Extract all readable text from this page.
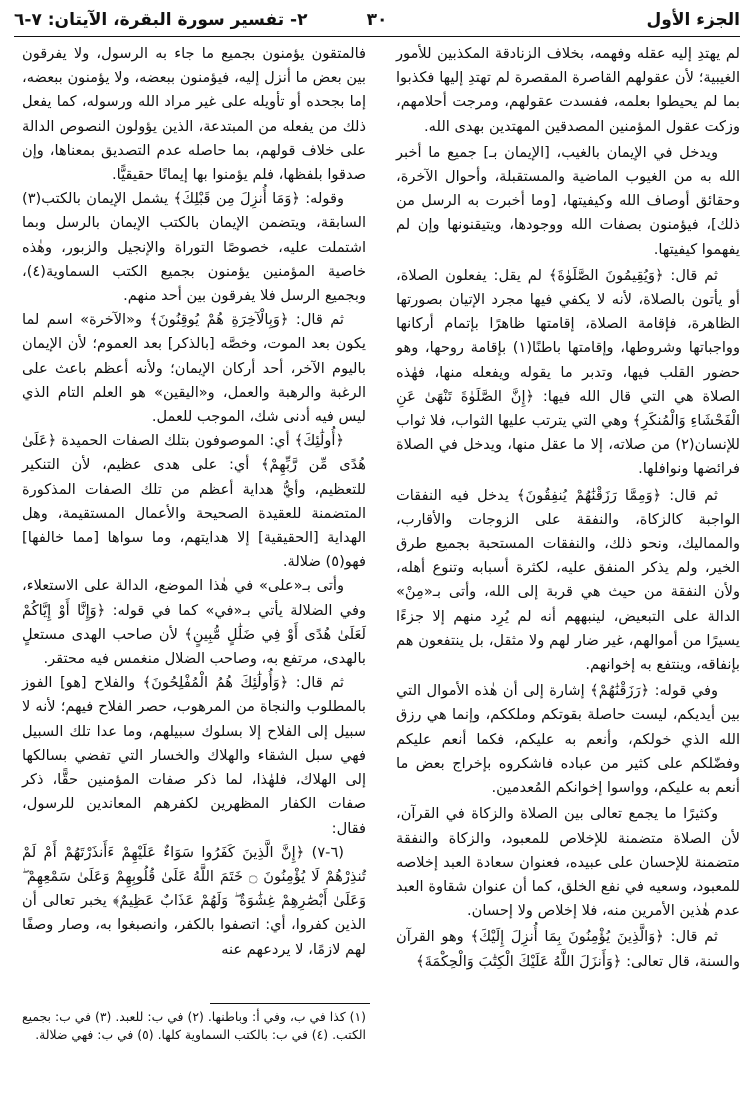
الجزء الأول
٣٠
٢- تفسير سورة البقرة، الآيتان: ٧-٦

لم يهتدِ إليه عقله وفهمه، بخلاف الزنادقة المكذبين للأمور الغيبية؛ لأن عقولهم القاصرة المقصرة لم تهتدِ إليها فكذبوا بما لم يحيطوا بعلمه، ففسدت عقولهم، ومرجت أحلامهم، وزكت عقول المؤمنين المصدقين المهتدين بهدى الله.

ويدخل في الإيمان بالغيب، [الإيمان بـ] جميع ما أخبر الله به من الغيوب الماضية والمستقبلة، وأحوال الآخرة، وحقائق أوصاف الله وكيفيتها، [وما أخبرت به الرسل من ذلك]، فيؤمنون بصفات الله ووجودها، ويتيقنونها وإن لم يفهموا كيفيتها.

ثم قال: ﴿وَيُقِيمُونَ الصَّلَوٰةَ﴾ لم يقل: يفعلون الصلاة، أو يأتون بالصلاة، لأنه لا يكفي فيها مجرد الإتيان بصورتها الظاهرة، فإقامة الصلاة، إقامتها ظاهرًا بإتمام أركانها وواجباتها وشروطها، وإقامتها باطنًا(١) بإقامة روحها، وهو حضور القلب فيها، وتدبر ما يقوله ويفعله منها، فهٰذه الصلاة هي التي قال الله فيها: ﴿إِنَّ الصَّلَوٰةَ تَنْهَىٰ عَنِ الْفَحْشَاءِ وَالْمُنكَرِ﴾ وهي التي يترتب عليها الثواب، فلا ثواب للإنسان(٢) من صلاته، إلا ما عقل منها، ويدخل في الصلاة فرائضها ونوافلها.

ثم قال: ﴿وَمِمَّا رَزَقْنَٰهُمْ يُنفِقُونَ﴾ يدخل فيه النفقات الواجبة كالزكاة، والنفقة على الزوجات والأقارب، والمماليك، ونحو ذلك، والنفقات المستحبة بجميع طرق الخير، ولم يذكر المنفق عليه، لكثرة أسبابه وتنوع أهله، ولأن النفقة من حيث هي قربة إلى الله، وأتى بـ«مِنْ» الدالة على التبعيض، لينبههم أنه لم يُرِد منهم إلا جزءًا يسيرًا من أموالهم، غير ضار لهم ولا مثقل، بل ينتفعون هم بإنفاقه، وينتفع به إخوانهم.

وفي قوله: ﴿رَزَقْنَٰهُمْ﴾ إشارة إلى أن هٰذه الأموال التي بين أيديكم، ليست حاصلة بقوتكم وملككم، وإنما هي رزق الله الذي خولكم، وأنعم به عليكم، فكما أنعم عليكم وفضّلكم على كثير من عباده فاشكروه بإخراج بعض ما أنعم به عليكم، وواسوا إخوانكم المُعدمين.

وكثيرًا ما يجمع تعالى بين الصلاة والزكاة في القرآن، لأن الصلاة متضمنة للإخلاص للمعبود، والزكاة والنفقة متضمنة للإحسان على عبيده، فعنوان سعادة العبد إخلاصه للمعبود، وسعيه في نفع الخلق، كما أن عنوان شقاوة العبد عدم هٰذين الأمرين منه، فلا إخلاص ولا إحسان.

ثم قال: ﴿وَالَّذِينَ يُؤْمِنُونَ بِمَا أُنزِلَ إِلَيْكَ﴾ وهو القرآن والسنة، قال تعالى: ﴿وَأَنزَلَ اللَّهُ عَلَيْكَ الْكِتَٰبَ وَالْحِكْمَةَ﴾

فالمتقون يؤمنون بجميع ما جاء به الرسول، ولا يفرقون بين بعض ما أنزل إليه، فيؤمنون ببعضه، ولا يؤمنون ببعضه، إما بجحده أو تأويله على غير مراد الله ورسوله، كما يفعل ذلك من يفعله من المبتدعة، الذين يؤولون النصوص الدالة على خلاف قولهم، بما حاصله عدم التصديق بمعناها، وإن صدقوا بلفظها، فلم يؤمنوا بها إيمانًا حقيقيًّا.

وقوله: ﴿وَمَا أُنزِلَ مِن قَبْلِكَ﴾ يشمل الإيمان بالكتب(٣) السابقة، ويتضمن الإيمان بالكتب الإيمان بالرسل وبما اشتملت عليه، خصوصًا التوراة والإنجيل والزبور، وهٰذه خاصية المؤمنين يؤمنون بجميع الكتب السماوية(٤)، وبجميع الرسل فلا يفرقون بين أحد منهم.

ثم قال: ﴿وَبِالْآخِرَةِ هُمْ يُوقِنُونَ﴾ و«الآخرة» اسم لما يكون بعد الموت، وخصَّه [بالذكر] بعد العموم؛ لأن الإيمان باليوم الآخر، أحد أركان الإيمان؛ ولأنه أعظم باعث على الرغبة والرهبة والعمل، و«اليقين» هو العلم التام الذي ليس فيه أدنى شك، الموجب للعمل.

﴿أُولَٰئِكَ﴾ أي: الموصوفون بتلك الصفات الحميدة ﴿عَلَىٰ هُدًى مِّن رَّبِّهِمْ﴾ أي: على هدى عظيم، لأن التنكير للتعظيم، وأيُّ هداية أعظم من تلك الصفات المذكورة المتضمنة للعقيدة الصحيحة والأعمال المستقيمة، وهل الهداية [الحقيقية] إلا هدايتهم، وما سواها [مما خالفها] فهو(٥) ضلالة.

وأتى بـ«على» في هٰذا الموضع، الدالة على الاستعلاء، وفي الضلالة يأتي بـ«في» كما في قوله: ﴿وَإِنَّا أَوْ إِيَّاكُمْ لَعَلَىٰ هُدًى أَوْ فِي ضَلَٰلٍ مُّبِينٍ﴾ لأن صاحب الهدى مستعلٍ بالهدى، مرتفع به، وصاحب الضلال منغمس فيه محتقر.

ثم قال: ﴿وَأُولَٰئِكَ هُمُ الْمُفْلِحُونَ﴾ والفلاح [هو] الفوز بالمطلوب والنجاة من المرهوب، حصر الفلاح فيهم؛ لأنه لا سبيل إلى الفلاح إلا بسلوك سبيلهم، وما عدا تلك السبيل فهي سبل الشقاء والهلاك والخسار التي تفضي بسالكها إلى الهلاك، فلهٰذا، لما ذكر صفات المؤمنين حقًّا، ذكر صفات الكفار المظهرين لكفرهم المعاندين للرسول، فقال:

(٦-٧) ﴿إِنَّ الَّذِينَ كَفَرُوا سَوَاءٌ عَلَيْهِمْ ءَأَنذَرْتَهُمْ أَمْ لَمْ تُنذِرْهُمْ لَا يُؤْمِنُونَ ۝ خَتَمَ اللَّهُ عَلَىٰ قُلُوبِهِمْ وَعَلَىٰ سَمْعِهِمْ ۖ وَعَلَىٰ أَبْصَٰرِهِمْ غِشَٰوَةٌ ۖ وَلَهُمْ عَذَابٌ عَظِيمٌ﴾ يخبر تعالى أن الذين كفروا، أي: اتصفوا بالكفر، وانصبغوا به، وصار وصفًا لهم لازمًا، لا يردعهم عنه

(١) كذا في ب، وفي أ: وباطنها. (٢) في ب: للعبد. (٣) في ب: بجميع الكتب. (٤) في ب: بالكتب السماوية كلها. (٥) في ب: فهي ضلالة.
